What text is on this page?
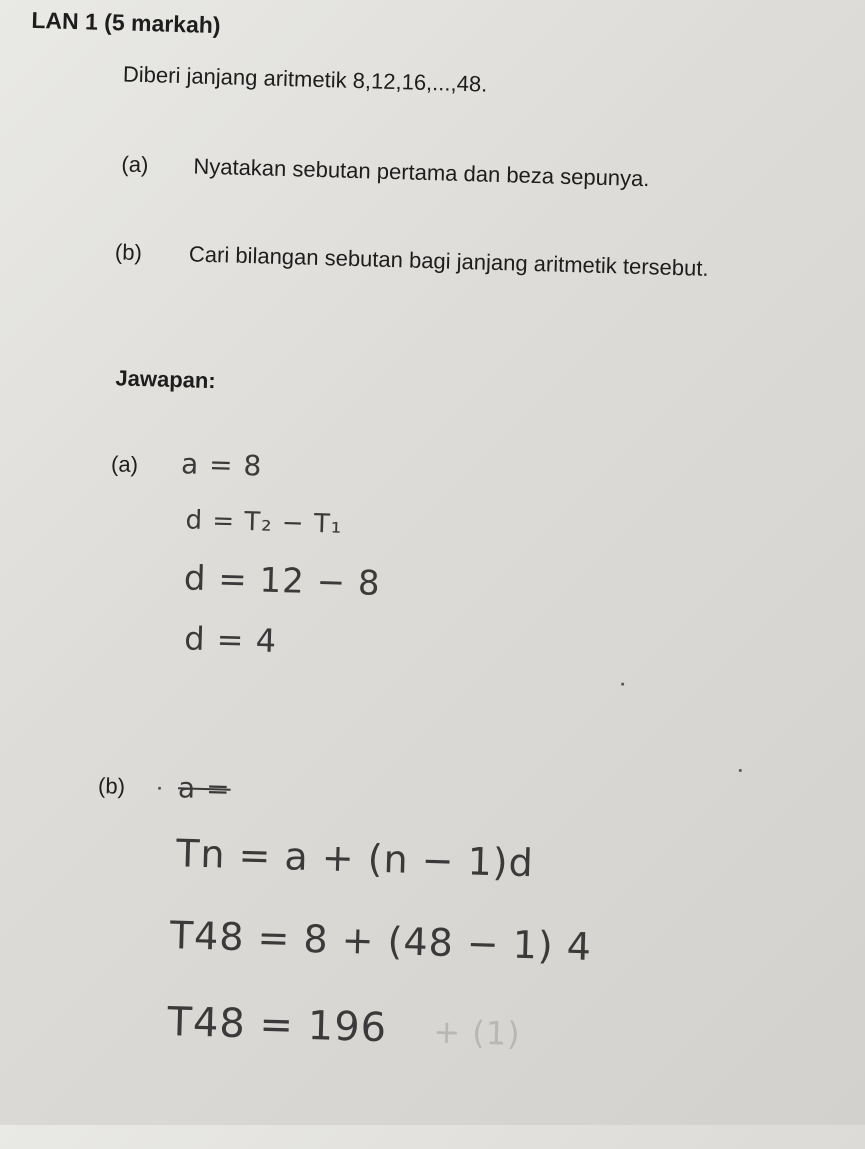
LAN 1 (5 markah)
Diberi janjang aritmetik 8,12,16,...,48.
(a) Nyatakan sebutan pertama dan beza sepunya.
(b) Cari bilangan sebutan bagi janjang aritmetik tersebut.
Jawapan:
(a) a = 8
d = T₂ − T₁
d = 12 − 8
d = 4
(b) a =
Tn = a + (n − 1)d
T48 = 8 + (48 − 1) 4
T48 = 196 + (1)
